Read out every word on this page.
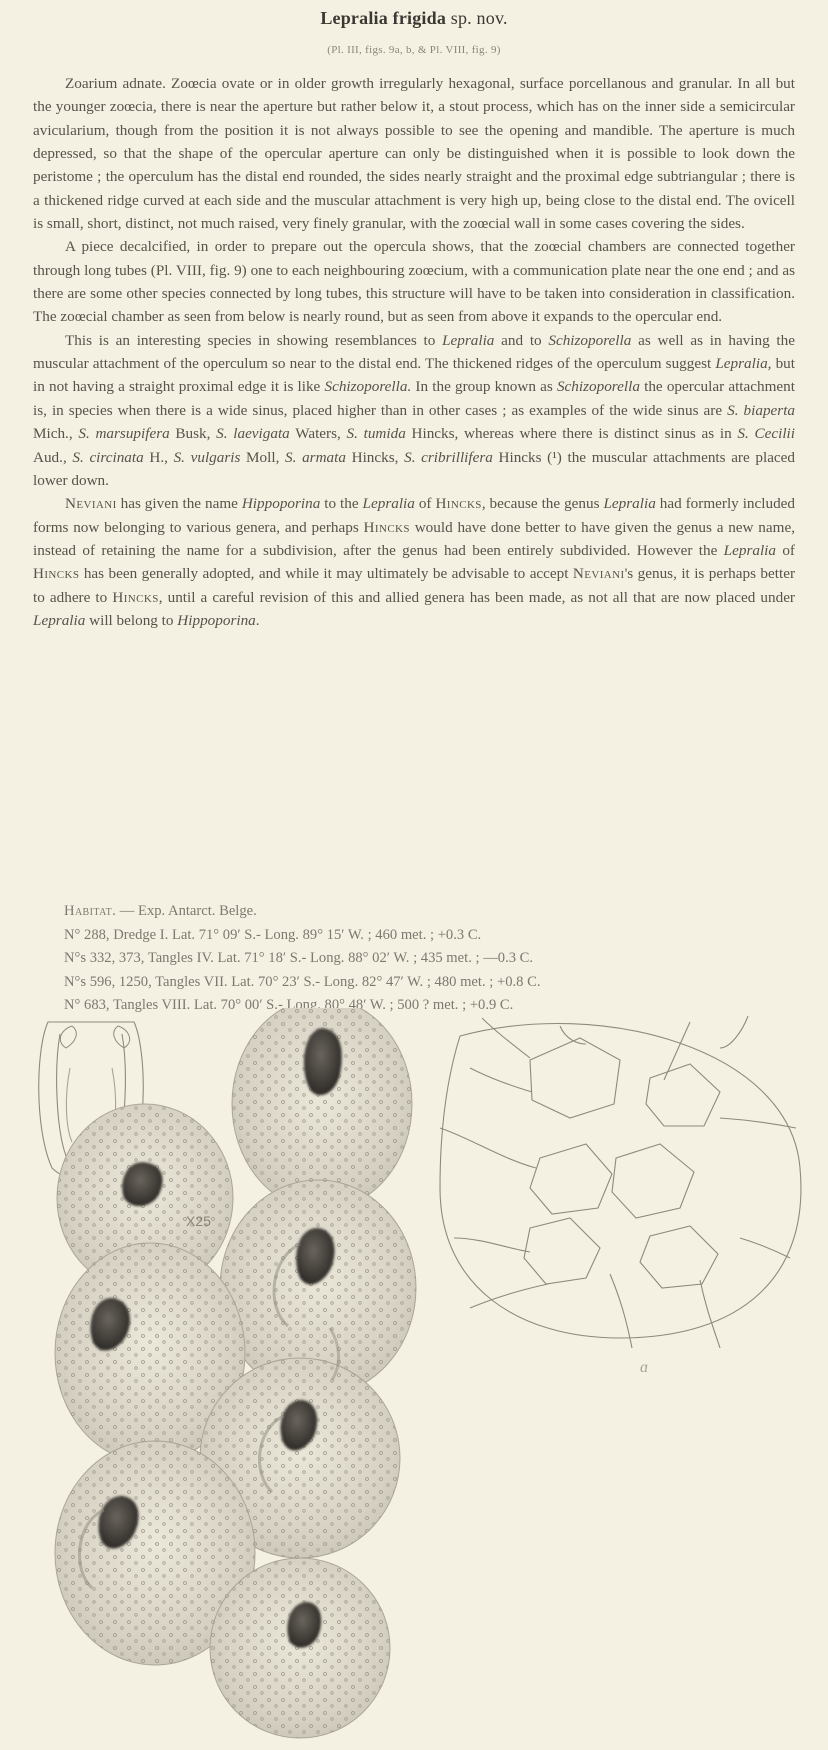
Lepralia frigida sp. nov.
(Pl. III, figs. 9a, b, & Pl. VIII, fig. 9)

Zoarium adnate. Zoœcia ovate or in older growth irregularly hexagonal, surface porcellanous and granular. In all but the younger zoœcia, there is near the aperture but rather below it, a stout process, which has on the inner side a semicircular avicularium, though from the position it is not always possible to see the opening and mandible. The aperture is much depressed, so that the shape of the opercular aperture can only be distinguished when it is possible to look down the peristome ; the operculum has the distal end rounded, the sides nearly straight and the proximal edge subtriangular ; there is a thickened ridge curved at each side and the muscular attachment is very high up, being close to the distal end. The ovicell is small, short, distinct, not much raised, very finely granular, with the zoœcial wall in some cases covering the sides.

A piece decalcified, in order to prepare out the opercula shows, that the zoœcial chambers are connected together through long tubes (Pl. VIII, fig. 9) one to each neighbouring zoœcium, with a communication plate near the one end ; and as there are some other species connected by long tubes, this structure will have to be taken into consideration in classification. The zoœcial chamber as seen from below is nearly round, but as seen from above it expands to the opercular end.

This is an interesting species in showing resemblances to Lepralia and to Schizoporella as well as in having the muscular attachment of the operculum so near to the distal end. The thickened ridges of the operculum suggest Lepralia, but in not having a straight proximal edge it is like Schizoporella. In the group known as Schizoporella the opercular attachment is, in species when there is a wide sinus, placed higher than in other cases ; as examples of the wide sinus are S. biaperta Mich., S. marsupifera Busk, S. laevigata Waters, S. tumida Hincks, whereas where there is distinct sinus as in S. Cecilii Aud., S. circinata H., S. vulgaris Moll, S. armata Hincks, S. cribrillifera Hincks (¹) the muscular attachments are placed lower down.

Neviani has given the name Hippoporina to the Lepralia of Hincks, because the genus Lepralia had formerly included forms now belonging to various genera, and perhaps Hincks would have done better to have given the genus a new name, instead of retaining the name for a subdivision, after the genus had been entirely subdivided. However the Lepralia of Hincks has been generally adopted, and while it may ultimately be advisable to accept Neviani's genus, it is perhaps better to adhere to Hincks, until a careful revision of this and allied genera has been made, as not all that are now placed under Lepralia will belong to Hippoporina.

Habitat. — Exp. Antarct. Belge.
N° 288, Dredge I. Lat. 71° 09′ S.- Long. 89° 15′ W. ; 460 met. ; +0.3 C.
N°s 332, 373, Tangles IV. Lat. 71° 18′ S.- Long. 88° 02′ W. ; 435 met. ; —0.3 C.
N°s 596, 1250, Tangles VII. Lat. 70° 23′ S.- Long. 82° 47′ W. ; 480 met. ; +0.8 C.
N° 683, Tangles VIII. Lat. 70° 00′ S.- Long. 80° 48′ W. ; 500 ? met. ; +0.9 C.
X25
ɑ
